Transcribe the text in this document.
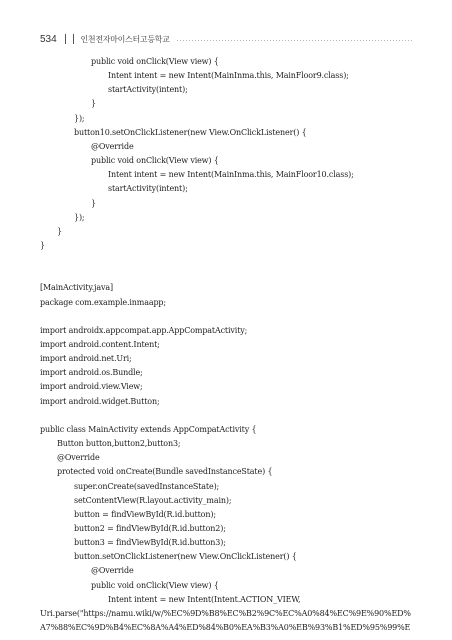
534	인천전자마이스터고등학교
public void onClick(View view) {
Intent intent = new Intent(MainInma.this, MainFloor9.class);
startActivity(intent);
}
});
button10.setOnClickListener(new View.OnClickListener() {
@Override
public void onClick(View view) {
Intent intent = new Intent(MainInma.this, MainFloor10.class);
startActivity(intent);
}
});
}
}
[MainActivity.java]
package com.example.inmaapp;
import androidx.appcompat.app.AppCompatActivity;
import android.content.Intent;
import android.net.Uri;
import android.os.Bundle;
import android.view.View;
import android.widget.Button;
public class MainActivity extends AppCompatActivity {
Button button,button2,button3;
@Override
protected void onCreate(Bundle savedInstanceState) {
super.onCreate(savedInstanceState);
setContentView(R.layout.activity_main);
button = findViewById(R.id.button);
button2 = findViewById(R.id.button2);
button3 = findViewById(R.id.button3);
button.setOnClickListener(new View.OnClickListener() {
@Override
public void onClick(View view) {
Intent intent = new Intent(Intent.ACTION_VIEW,
Uri.parse("https://namu.wiki/w/%EC%9D%B8%EC%B2%9C%EC%A0%84%EC%9E%90%ED%
A7%88%EC%9D%B4%EC%8A%A4%ED%84%B0%EA%B3%A0%EB%93%B1%ED%95%99%E
